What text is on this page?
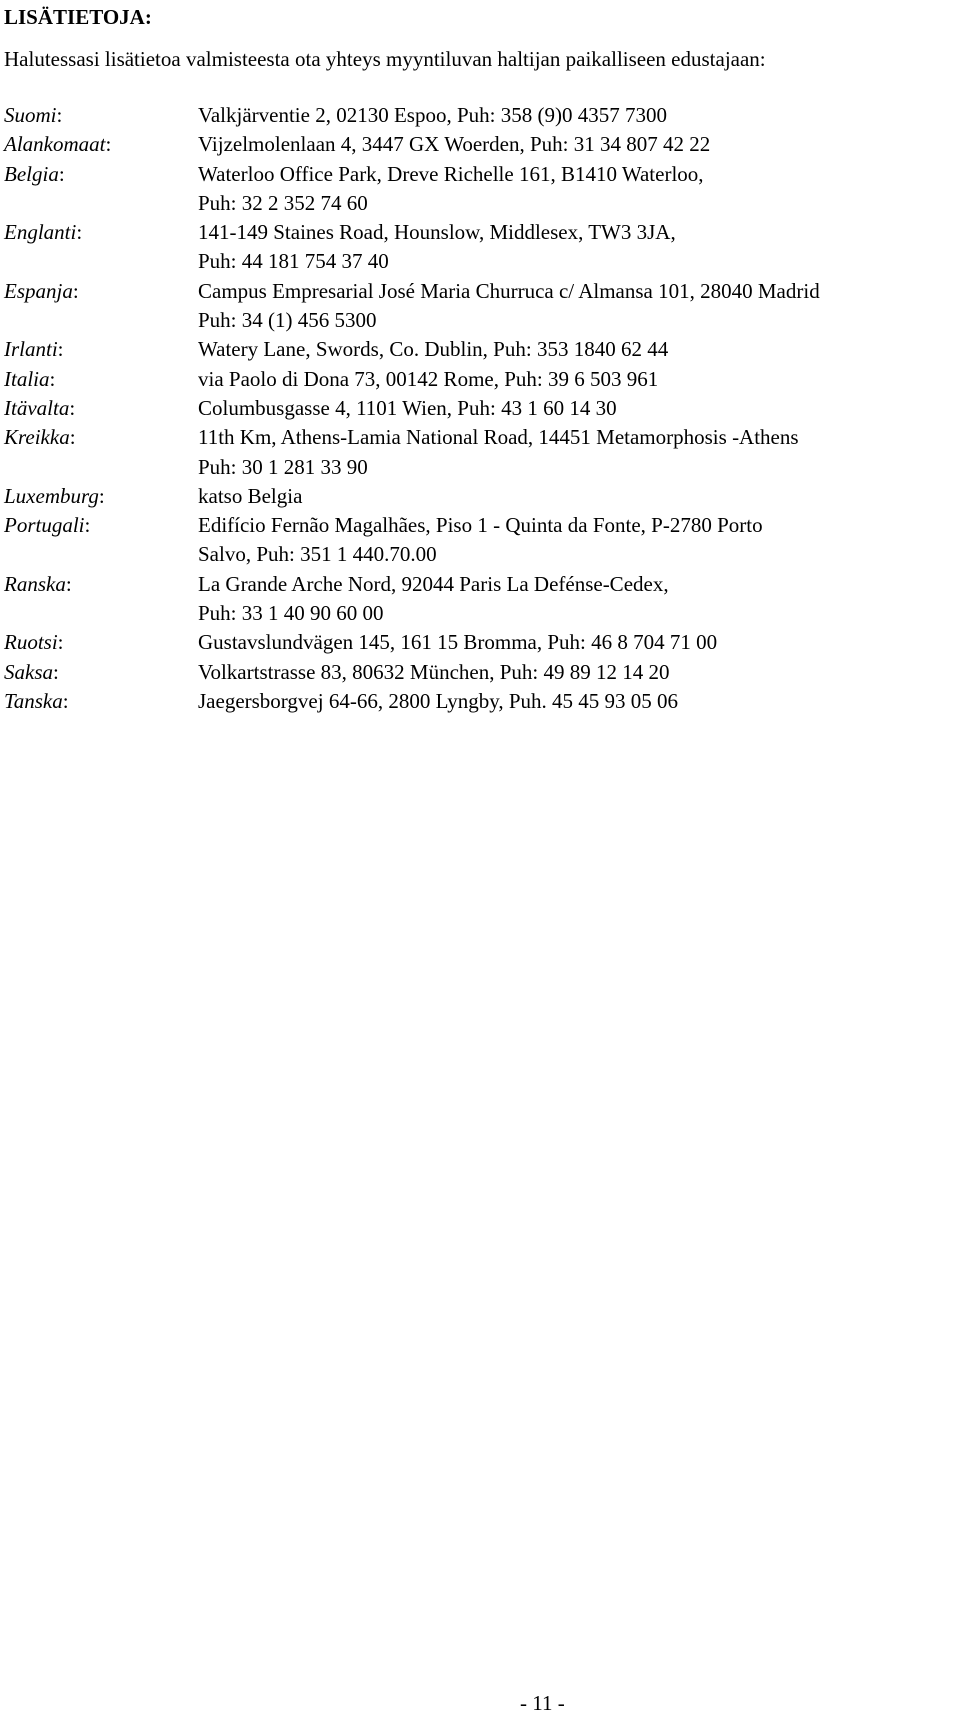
LISÄTIETOJA:

Halutessasi lisätietoa valmisteesta ota yhteys myyntiluvan haltijan paikalliseen edustajaan:

Suomi:	Valkjärventie 2, 02130 Espoo, Puh: 358 (9)0 4357 7300
Alankomaat:	Vijzelmolenlaan 4, 3447 GX Woerden, Puh: 31 34 807 42 22
Belgia:	Waterloo Office Park, Dreve Richelle 161, B1410 Waterloo,
Puh: 32 2 352 74 60
Englanti:	141-149 Staines Road, Hounslow, Middlesex, TW3 3JA,
Puh: 44 181 754 37 40
Espanja:	Campus Empresarial José Maria Churruca c/ Almansa 101, 28040 Madrid
Puh: 34 (1) 456 5300
Irlanti:	Watery Lane, Swords, Co. Dublin, Puh: 353 1840 62 44
Italia:	via Paolo di Dona 73, 00142 Rome, Puh: 39 6 503 961
Itävalta:	Columbusgasse 4, 1101 Wien, Puh: 43 1 60 14 30
Kreikka:	11th Km, Athens-Lamia National Road, 14451 Metamorphosis -Athens
Puh: 30 1 281 33 90
Luxemburg:	katso Belgia
Portugali:	Edifício Fernão Magalhães, Piso 1 - Quinta da Fonte, P-2780 Porto
Salvo, Puh: 351 1 440.70.00
Ranska:	La Grande Arche Nord, 92044 Paris La Defénse-Cedex,
Puh: 33 1 40 90 60 00
Ruotsi:	Gustavslundvägen 145, 161 15 Bromma, Puh: 46 8 704 71 00
Saksa:	Volkartstrasse 83, 80632 München, Puh: 49 89 12 14 20
Tanska:	Jaegersborgvej 64-66, 2800 Lyngby, Puh. 45 45 93 05 06
- 11 -
